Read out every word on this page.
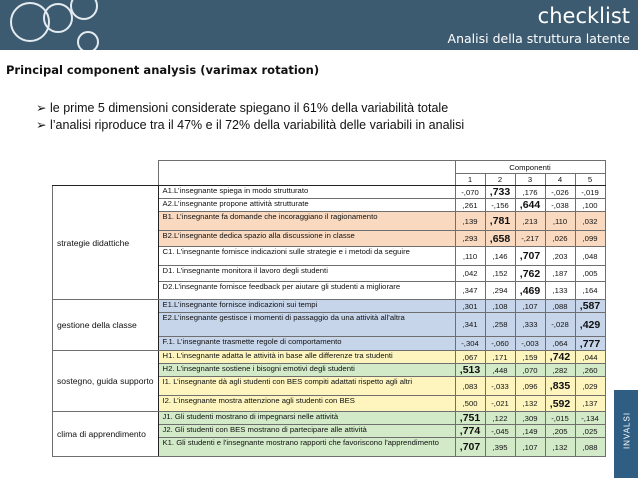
checklist
Analisi della struttura latente
Principal component analysis (varimax rotation)
➢ le prime 5 dimensioni considerate spiegano il 61% della variabilità totale
➢ l’analisi riproduce tra il 47% e il 72% della variabilità delle variabili in analisi
		Componenti				
		1	2	3	4	5
strategie didattiche	A1.L’insegnante spiega in modo strutturato	-,070	,733	,176	-,026	-,019
	A2.L’insegnante propone attività strutturate	,261	-,156	,644	-,038	,100
	B1. L’insegnante fa domande che incoraggiano il ragionamento	,139	,781	,213	,110	,032
	B2.L’insegnante dedica spazio alla discussione in classe	,293	,658	-,217	,026	,099
	C1. L’insegnante fornisce indicazioni sulle strategie e i metodi da seguire	,110	,146	,707	,203	,048
	D1. L’insegnante monitora il lavoro degli studenti	,042	,152	,762	,187	,005
	D2.L’insegnante fornisce feedback per aiutare gli studenti a migliorare	,347	,294	,469	,133	,164
gestione della classe	E1.L’insegnante fornisce indicazioni sui tempi	,301	,108	,107	,088	,587
	E2.L’insegnante gestisce i momenti di passaggio da una attività all’altra	,341	,258	,333	-,028	,429
	F.1. L’insegnante trasmette regole di comportamento	-,304	-,060	-,003	,064	,777
sostegno, guida supporto	H1. L’insegnante adatta le attività in base alle differenze tra studenti	,067	,171	,159	,742	,044
	H2. L’insegnante sostiene i bisogni emotivi degli studenti	,513	,448	,070	,282	,260
	I1. L’insegnante dà agli studenti con BES compiti adattati rispetto agli altri	,083	-,033	,096	,835	,029
	I2. L’insegnante mostra attenzione agli studenti con BES	,500	-,021	,132	,592	,137
clima di apprendimento	J1. Gli studenti mostrano di impegnarsi nelle attività	,751	,122	,309	-,015	-,134
	J2. Gli studenti con BES mostrano di partecipare alle attività	,774	-,045	,149	,205	,025
	K1. Gli studenti e l'insegnante mostrano rapporti che favoriscono l'apprendimento	,707	,395	,107	,132	,088	INVALSI
